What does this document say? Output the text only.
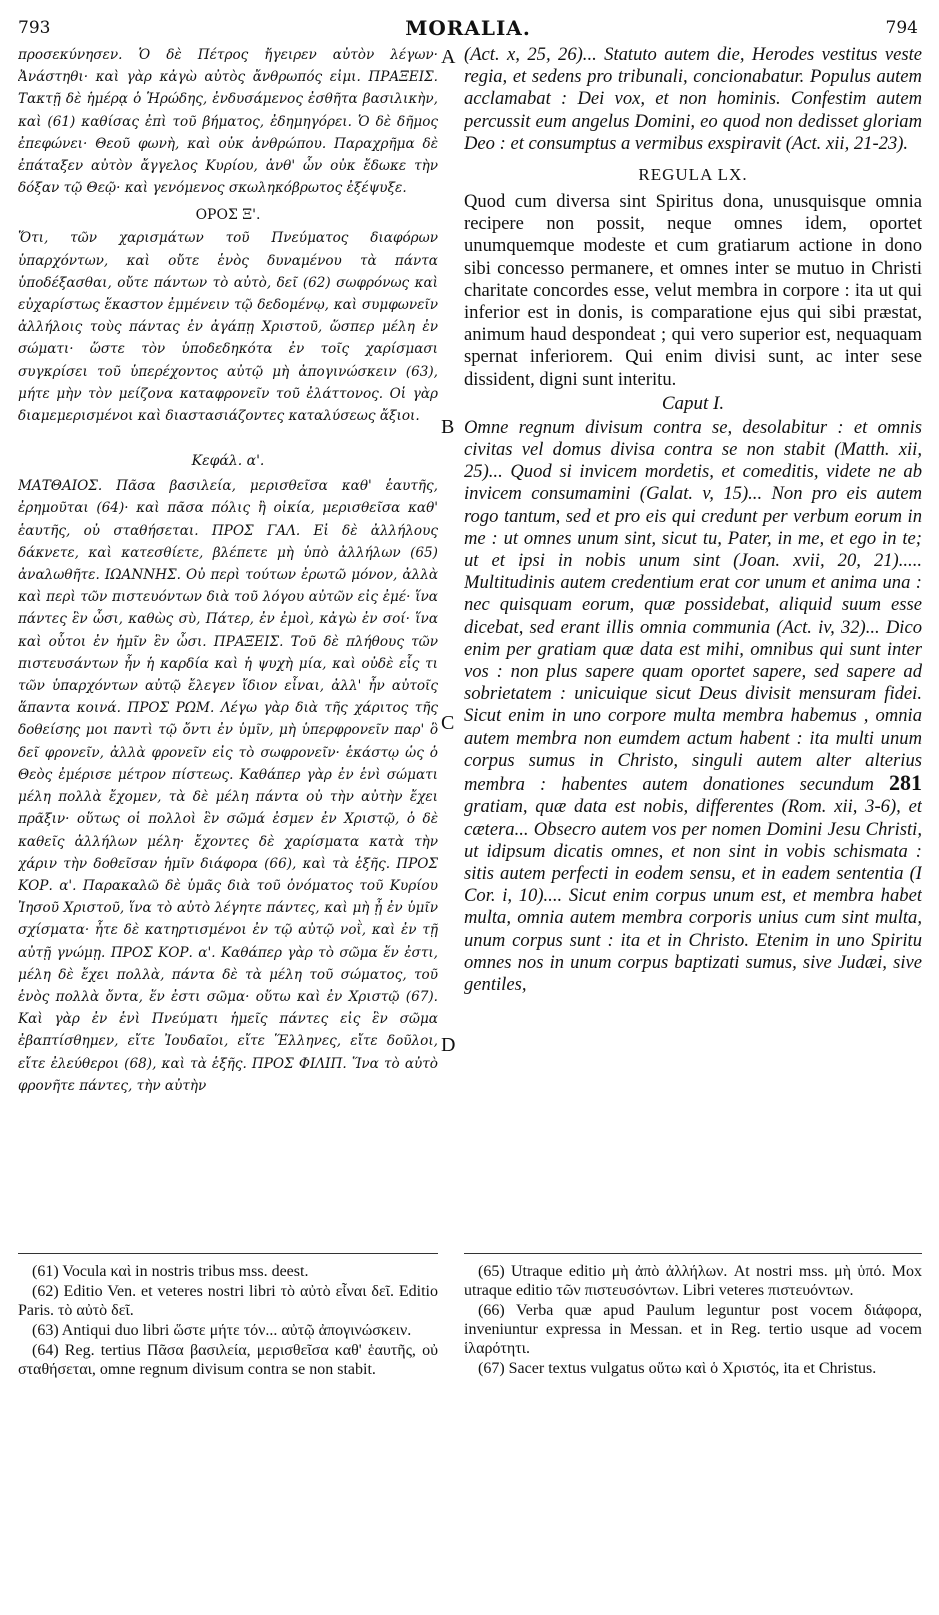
793	MORALIA.	794

προσεκύνησεν. Ὁ δὲ Πέτρος ἤγειρεν αὐτὸν λέγων· Ἀνάστηθι· καὶ γὰρ κἀγὼ αὐτὸς ἄνθρωπός εἰμι. ΠΡΑΞΕΙΣ. Τακτῇ δὲ ἡμέρᾳ ὁ Ἡρώδης, ἐνδυσάμενος ἐσθῆτα βασιλικὴν, καὶ (61) καθίσας ἐπὶ τοῦ βήματος, ἐδημηγόρει. Ὁ δὲ δῆμος ἐπεφώνει· Θεοῦ φωνὴ, καὶ οὐκ ἀνθρώπου. Παραχρῆμα δὲ ἐπάταξεν αὐτὸν ἄγγελος Κυρίου, ἀνθ' ὧν οὐκ ἔδωκε τὴν δόξαν τῷ Θεῷ· καὶ γενόμενος σκωληκόβρωτος ἐξέψυξε.

ΟΡΟΣ Ξ'.

Ὅτι, τῶν χαρισμάτων τοῦ Πνεύματος διαφόρων ὑπαρχόντων, καὶ οὔτε ἑνὸς δυναμένου τὰ πάντα ὑποδέξασθαι, οὔτε πάντων τὸ αὐτὸ, δεῖ (62) σωφρόνως καὶ εὐχαρίστως ἕκαστον ἐμμένειν τῷ δεδομένῳ, καὶ συμφωνεῖν ἀλλήλοις τοὺς πάντας ἐν ἀγάπῃ Χριστοῦ, ὥσπερ μέλη ἐν σώματι· ὥστε τὸν ὑποδεδηκότα ἐν τοῖς χαρίσμασι συγκρίσει τοῦ ὑπερέχοντος αὐτῷ μὴ ἀπογινώσκειν (63), μήτε μὴν τὸν μείζονα καταφρονεῖν τοῦ ἐλάττονος. Οἱ γὰρ διαμεμερισμένοι καὶ διαστασιάζοντες καταλύσεως ἄξιοι.

Κεφάλ. α'.

ΜΑΤΘΑΙΟΣ. Πᾶσα βασιλεία, μερισθεῖσα καθ' ἑαυτῆς, ἐρημοῦται (64)· καὶ πᾶσα πόλις ἢ οἰκία, μερισθεῖσα καθ' ἑαυτῆς, οὐ σταθήσεται. ΠΡΟΣ ΓΑΛ. Εἰ δὲ ἀλλήλους δάκνετε, καὶ κατεσθίετε, βλέπετε μὴ ὑπὸ ἀλλήλων (65) ἀναλωθῆτε. ΙΩΑΝΝΗΣ. Οὐ περὶ τούτων ἐρωτῶ μόνον, ἀλλὰ καὶ περὶ τῶν πιστευόντων διὰ τοῦ λόγου αὐτῶν εἰς ἐμέ· ἵνα πάντες ἓν ὦσι, καθὼς σὺ, Πάτερ, ἐν ἐμοὶ, κἀγὼ ἐν σοί· ἵνα καὶ οὗτοι ἐν ἡμῖν ἓν ὦσι. ΠΡΑΞΕΙΣ. Τοῦ δὲ πλήθους τῶν πιστευσάντων ἦν ἡ καρδία καὶ ἡ ψυχὴ μία, καὶ οὐδὲ εἷς τι τῶν ὑπαρχόντων αὐτῷ ἔλεγεν ἴδιον εἶναι, ἀλλ' ἦν αὐτοῖς ἅπαντα κοινά. ΠΡΟΣ ΡΩΜ. Λέγω γὰρ διὰ τῆς χάριτος τῆς δοθείσης μοι παντὶ τῷ ὄντι ἐν ὑμῖν, μὴ ὑπερφρονεῖν παρ' ὃ δεῖ φρονεῖν, ἀλλὰ φρονεῖν εἰς τὸ σωφρονεῖν· ἑκάστῳ ὡς ὁ Θεὸς ἐμέρισε μέτρον πίστεως. Καθάπερ γὰρ ἐν ἑνὶ σώματι μέλη πολλὰ ἔχομεν, τὰ δὲ μέλη πάντα οὐ τὴν αὐτὴν ἔχει πρᾶξιν· οὕτως οἱ πολλοὶ ἓν σῶμά ἐσμεν ἐν Χριστῷ, ὁ δὲ καθεῖς ἀλλήλων μέλη· ἔχοντες δὲ χαρίσματα κατὰ τὴν χάριν τὴν δοθεῖσαν ἡμῖν διάφορα (66), καὶ τὰ ἑξῆς. ΠΡΟΣ ΚΟΡ. α'. Παρακαλῶ δὲ ὑμᾶς διὰ τοῦ ὀνόματος τοῦ Κυρίου Ἰησοῦ Χριστοῦ, ἵνα τὸ αὐτὸ λέγητε πάντες, καὶ μὴ ᾖ ἐν ὑμῖν σχίσματα· ἦτε δὲ κατηρτισμένοι ἐν τῷ αὐτῷ νοῒ, καὶ ἐν τῇ αὐτῇ γνώμῃ. ΠΡΟΣ ΚΟΡ. α'. Καθάπερ γὰρ τὸ σῶμα ἕν ἐστι, μέλη δὲ ἔχει πολλὰ, πάντα δὲ τὰ μέλη τοῦ σώματος, τοῦ ἑνὸς πολλὰ ὄντα, ἕν ἐστι σῶμα· οὕτω καὶ ἐν Χριστῷ (67). Καὶ γὰρ ἐν ἑνὶ Πνεύματι ἡμεῖς πάντες εἰς ἓν σῶμα ἐβαπτίσθημεν, εἴτε Ἰουδαῖοι, εἴτε Ἕλληνες, εἴτε δοῦλοι, εἴτε ἐλεύθεροι (68), καὶ τὰ ἑξῆς. ΠΡΟΣ ΦΙΛΙΠ. Ἵνα τὸ αὐτὸ φρονῆτε πάντες, τὴν αὐτὴν

A
B
C
D

(Act. x, 25, 26)... Statuto autem die, Herodes vestitus veste regia, et sedens pro tribunali, concionabatur. Populus autem acclamabat : Dei vox, et non hominis. Confestim autem percussit eum angelus Domini, eo quod non dedisset gloriam Deo : et consumptus a vermibus exspiravit (Act. xii, 21-23).

REGULA LX.

Quod cum diversa sint Spiritus dona, unusquisque omnia recipere non possit, neque omnes idem, oportet unumquemque modeste et cum gratiarum actione in dono sibi concesso permanere, et omnes inter se mutuo in Christi charitate concordes esse, velut membra in corpore : ita ut qui inferior est in donis, is comparatione ejus qui sibi præstat, animum haud despondeat ; qui vero superior est, nequaquam spernat inferiorem. Qui enim divisi sunt, ac inter sese dissident, digni sunt interitu.

Caput I.

Omne regnum divisum contra se, desolabitur : et omnis civitas vel domus divisa contra se non stabit (Matth. xii, 25)... Quod si invicem mordetis, et comeditis, videte ne ab invicem consumamini (Galat. v, 15)... Non pro eis autem rogo tantum, sed et pro eis qui credunt per verbum eorum in me : ut omnes unum sint, sicut tu, Pater, in me, et ego in te; ut et ipsi in nobis unum sint (Joan. xvii, 20, 21)..... Multitudinis autem credentium erat cor unum et anima una : nec quisquam eorum, quæ possidebat, aliquid suum esse dicebat, sed erant illis omnia communia (Act. iv, 32)... Dico enim per gratiam quæ data est mihi, omnibus qui sunt inter vos : non plus sapere quam oportet sapere, sed sapere ad sobrietatem : unicuique sicut Deus divisit mensuram fidei. Sicut enim in uno corpore multa membra habemus , omnia autem membra non eumdem actum habent : ita multi unum corpus sumus in Christo, singuli autem alter alterius membra : habentes autem donationes secundum 281 gratiam, quæ data est nobis, differentes (Rom. xii, 3-6), et cætera... Obsecro autem vos per nomen Domini Jesu Christi, ut idipsum dicatis omnes, et non sint in vobis schismata : sitis autem perfecti in eodem sensu, et in eadem sententia (I Cor. i, 10).... Sicut enim corpus unum est, et membra habet multa, omnia autem membra corporis unius cum sint multa, unum corpus sunt : ita et in Christo. Etenim in uno Spiritu omnes nos in unum corpus baptizati sumus, sive Judæi, sive gentiles,

(61) Vocula καὶ in nostris tribus mss. deest.

(62) Editio Ven. et veteres nostri libri τὸ αὐτὸ εἶναι δεῖ. Editio Paris. τὸ αὐτὸ δεῖ.

(63) Antiqui duo libri ὥστε μήτε τόν... αὐτῷ ἀπογινώσκειν.

(64) Reg. tertius Πᾶσα βασιλεία, μερισθεῖσα καθ' ἑαυτῆς, οὐ σταθήσεται, omne regnum divisum contra se non stabit.

(65) Utraque editio μὴ ἀπὸ ἀλλήλων. At nostri mss. μὴ ὑπό. Mox utraque editio τῶν πιστευσόντων. Libri veteres πιστευόντων.

(66) Verba quæ apud Paulum leguntur post vocem διάφορα, inveniuntur expressa in Messan. et in Reg. tertio usque ad vocem ἱλαρότητι.

(67) Sacer textus vulgatus οὕτω καὶ ὁ Χριστός, ita et Christus.
